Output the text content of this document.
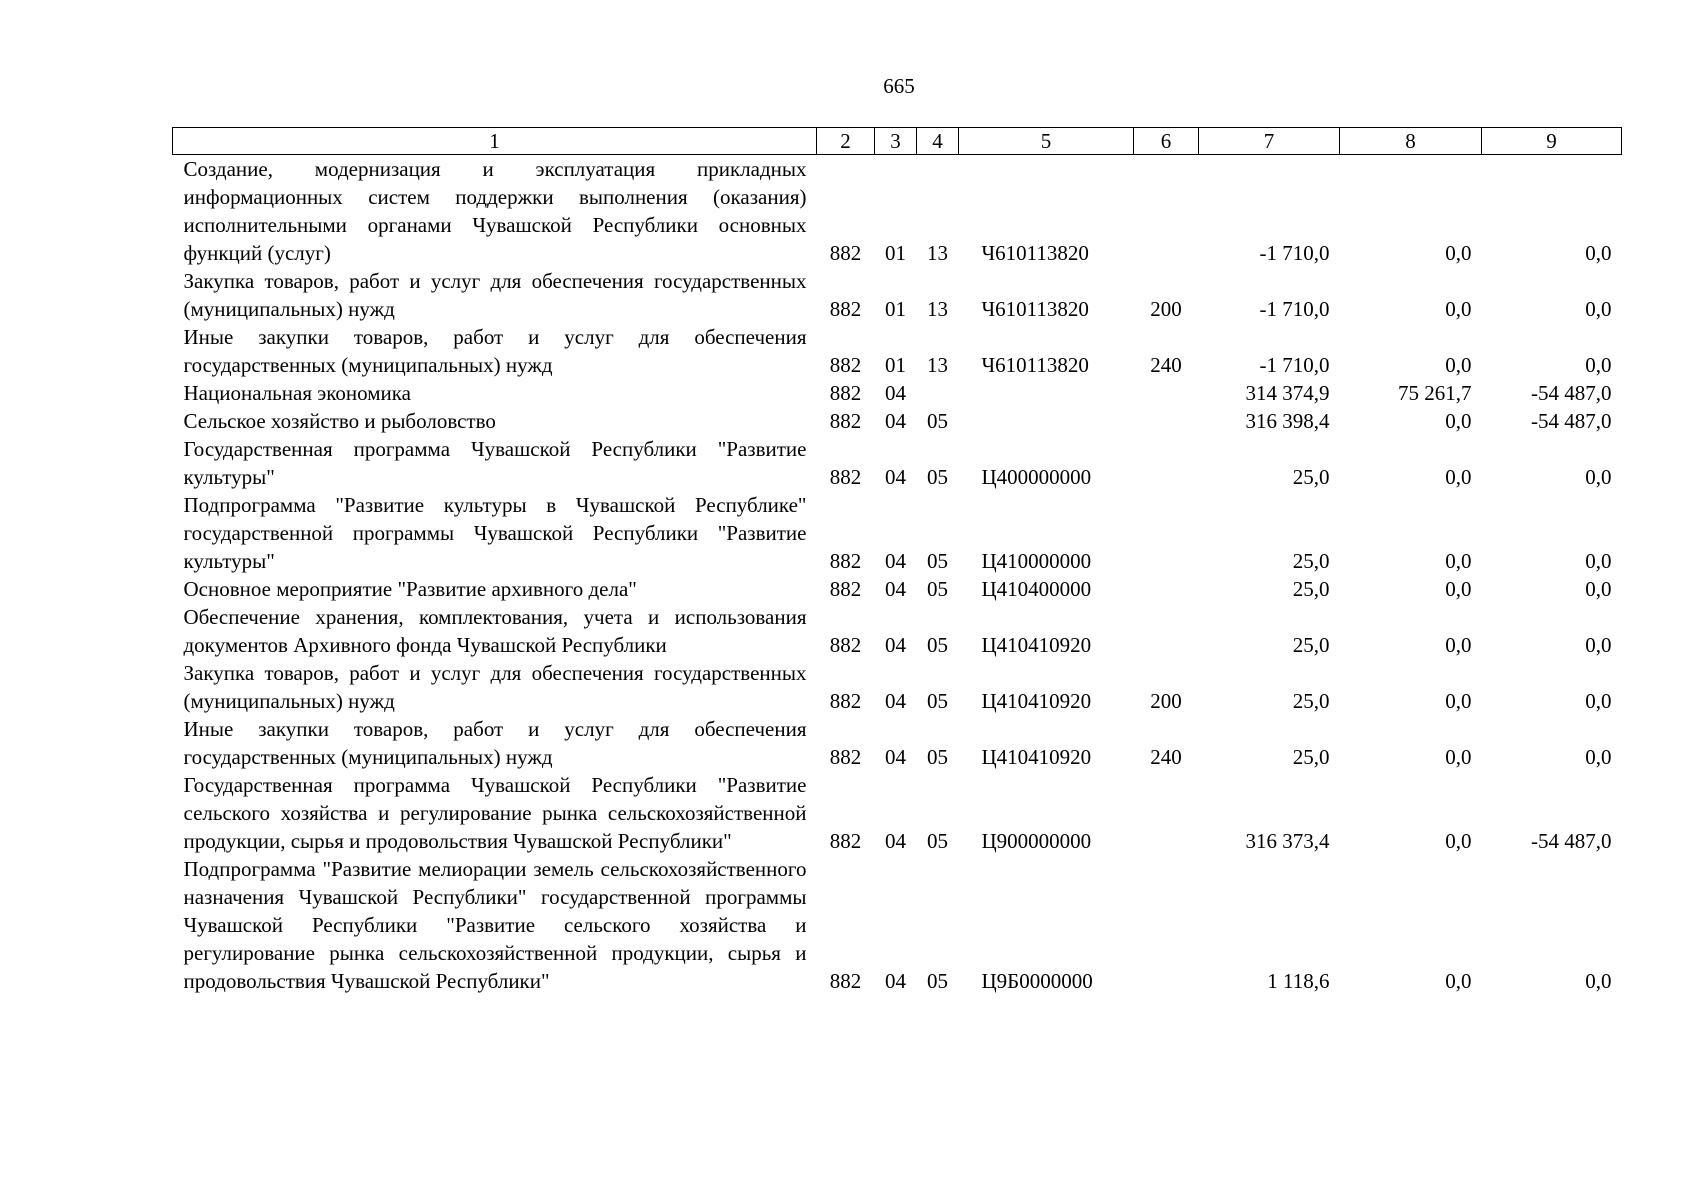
665
1	2	3	4	5	6	7	8	9
Создание, модернизация и эксплуатация прикладных информационных систем поддержки выполнения (оказания) исполнительными органами Чувашской Республики основных функций (услуг)	882	01	13	Ч610113820		-1 710,0	0,0	0,0
Закупка товаров, работ и услуг для обеспечения государственных (муниципальных) нужд	882	01	13	Ч610113820	200	-1 710,0	0,0	0,0
Иные закупки товаров, работ и услуг для обеспечения государственных (муниципальных) нужд	882	01	13	Ч610113820	240	-1 710,0	0,0	0,0
Национальная экономика	882	04				314 374,9	75 261,7	-54 487,0
Сельское хозяйство и рыболовство	882	04	05			316 398,4	0,0	-54 487,0
Государственная программа Чувашской Республики "Развитие культуры"	882	04	05	Ц400000000		25,0	0,0	0,0
Подпрограмма "Развитие культуры в Чувашской Республике" государственной программы Чувашской Республики "Развитие культуры"	882	04	05	Ц410000000		25,0	0,0	0,0
Основное мероприятие "Развитие архивного дела"	882	04	05	Ц410400000		25,0	0,0	0,0
Обеспечение хранения, комплектования, учета и использования документов Архивного фонда Чувашской Республики	882	04	05	Ц410410920		25,0	0,0	0,0
Закупка товаров, работ и услуг для обеспечения государственных (муниципальных) нужд	882	04	05	Ц410410920	200	25,0	0,0	0,0
Иные закупки товаров, работ и услуг для обеспечения государственных (муниципальных) нужд	882	04	05	Ц410410920	240	25,0	0,0	0,0
Государственная программа Чувашской Республики "Развитие сельского хозяйства и регулирование рынка сельскохозяйственной продукции, сырья и продовольствия Чувашской Республики"	882	04	05	Ц900000000		316 373,4	0,0	-54 487,0
Подпрограмма "Развитие мелиорации земель сельскохозяйственного назначения Чувашской Республики" государственной программы Чувашской Республики "Развитие сельского хозяйства и регулирование рынка сельскохозяйственной продукции, сырья и продовольствия Чувашской Республики"	882	04	05	Ц9Б0000000		1 118,6	0,0	0,0
